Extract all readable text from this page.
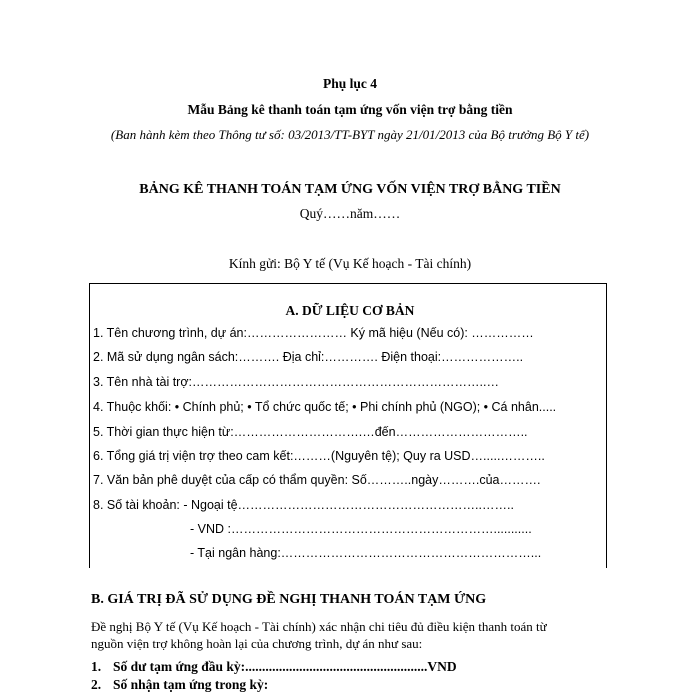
Phụ lục 4
Mẫu Bảng kê thanh toán tạm ứng vốn viện trợ bằng tiền
(Ban hành kèm theo Thông tư số: 03/2013/TT-BYT ngày 21/01/2013 của Bộ trưởng Bộ Y tế)
BẢNG KÊ THANH TOÁN TẠM ỨNG VỐN VIỆN TRỢ BẰNG TIỀN
Quý……năm……
Kính gửi: Bộ Y tế (Vụ Kế hoạch - Tài chính)
A. DỮ LIỆU CƠ BẢN
1. Tên chương trình, dự án:…………………… Ký mã hiệu (Nếu có): ……………
2. Mã sử dụng ngân sách:………. Địa chỉ:…………. Điện thoại:………………..
3. Tên nhà tài trợ:……………………………………………………………..…
4. Thuộc khối: • Chính phủ; • Tổ chức quốc tế; • Phi chính phủ (NGO); • Cá nhân.....
5. Thời gian thực hiện từ:………………………….…đến…………………………..
6. Tổng giá trị viện trợ theo cam kết:………(Nguyên tệ); Quy ra USD….....………..
7. Văn bản phê duyệt của cấp có thẩm quyền: Số………..ngày……….của……….
8. Số tài khoản: - Ngoại tệ…………………………………………………..……..
- VND :………………………………………………………...........
- Tại ngân hàng:……………………………………………………...
B. GIÁ TRỊ ĐÃ SỬ DỤNG ĐỀ NGHỊ THANH TOÁN TẠM ỨNG
Đề nghị Bộ Y tế (Vụ Kế hoạch - Tài chính) xác nhận chi tiêu đủ điều kiện thanh toán từ
nguồn viện trợ không hoàn lại của chương trình, dự án như sau:
1. Số dư tạm ứng đầu kỳ:......................................................VND
2. Số nhận tạm ứng trong kỳ:
